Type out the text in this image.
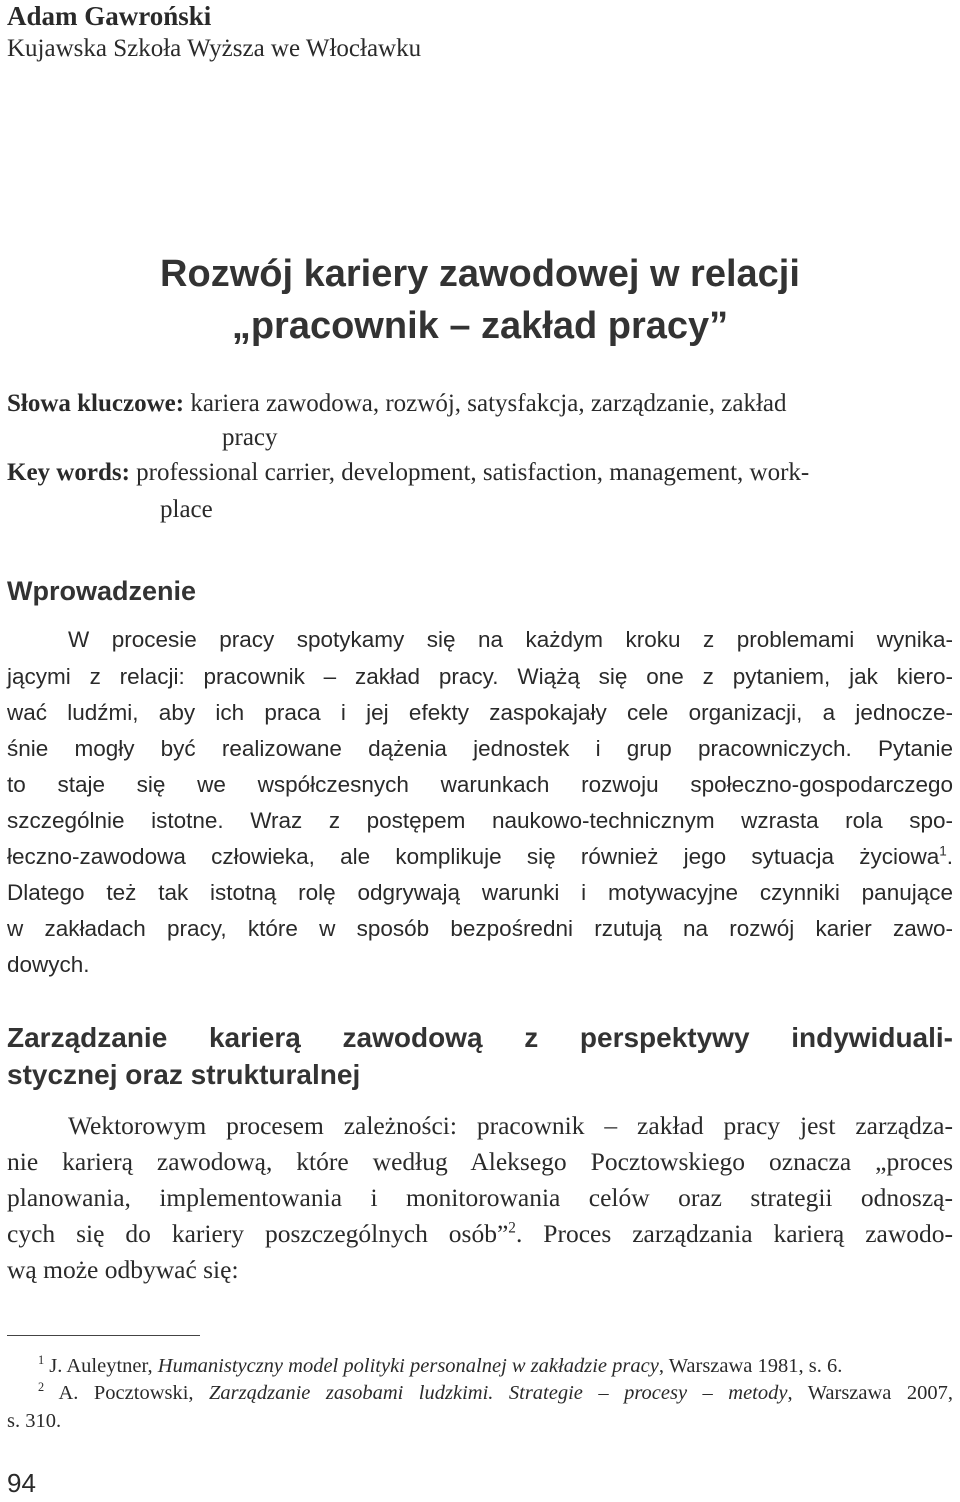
Adam Gawroński
Kujawska Szkoła Wyższa we Włocławku
Rozwój kariery zawodowej w relacji
„pracownik – zakład pracy”
Słowa kluczowe: kariera zawodowa, rozwój, satysfakcja, zarządzanie, zakład
pracy
Key words: professional carrier, development, satisfaction, management, work-
place
Wprowadzenie
W procesie pracy spotykamy się na każdym kroku z problemami wynika-
jącymi z relacji: pracownik – zakład pracy. Wiążą się one z pytaniem, jak kiero-
wać ludźmi, aby ich praca i jej efekty zaspokajały cele organizacji, a jednocze-
śnie mogły być realizowane dążenia jednostek i grup pracowniczych. Pytanie
to staje się we współczesnych warunkach rozwoju społeczno-gospodarczego
szczególnie istotne. Wraz z postępem naukowo-technicznym wzrasta rola spo-
łeczno-zawodowa człowieka, ale komplikuje się również jego sytuacja życiowa$^1$.
Dlatego też tak istotną rolę odgrywają warunki i motywacyjne czynniki panujące
w zakładach pracy, które w sposób bezpośredni rzutują na rozwój karier zawo-
dowych.
Zarządzanie karierą zawodową z perspektywy indywiduali-
stycznej oraz strukturalnej
Wektorowym procesem zależności: pracownik – zakład pracy jest zarządza-
nie karierą zawodową, które według Aleksego Pocztowskiego oznacza „proces
planowania, implementowania i monitorowania celów oraz strategii odnoszą-
cych się do kariery poszczególnych osób”$^2$. Proces zarządzania karierą zawodo-
wą może odbywać się:
$^1$ J. Auleytner, Humanistyczny model polityki personalnej w zakładzie pracy, Warszawa 1981, s. 6.
$^2$ A. Pocztowski, Zarządzanie zasobami ludzkimi. Strategie – procesy – metody, Warszawa 2007,
s. 310.
94
